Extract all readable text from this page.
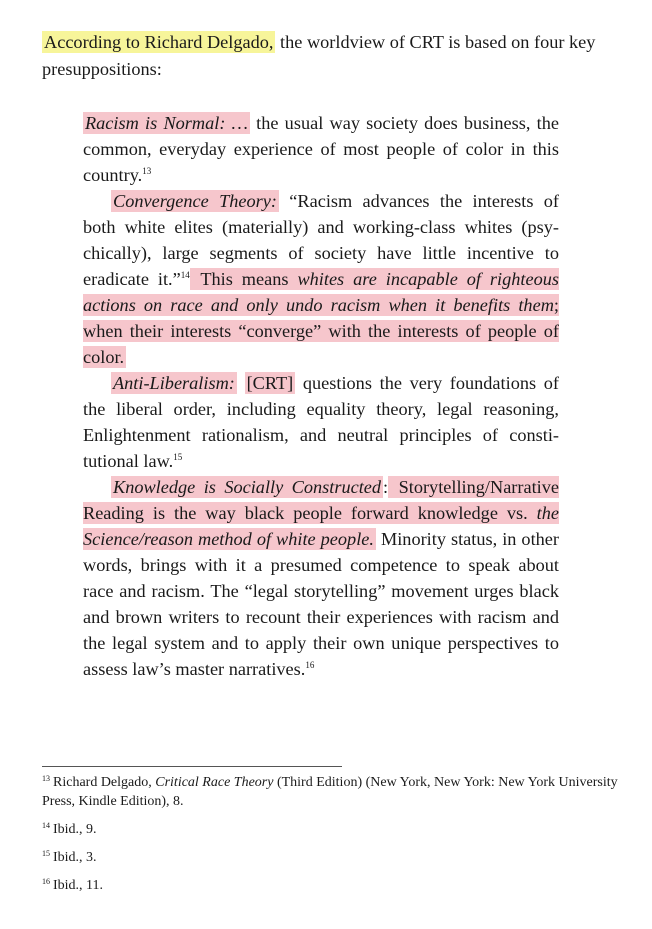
According to Richard Delgado, the worldview of CRT is based on four key presuppositions:

Racism is Normal: … the usual way society does business, the common, everyday experience of most people of color in this country.$^{13}$

Convergence Theory: “Racism advances the interests of both white elites (materially) and working-class whites (psychically), large segments of society have little incentive to eradicate it.”$^{14}$ This means whites are incapable of righteous actions on race and only undo racism when it benefits them; when their interests “converge” with the interests of people of color.

Anti-Liberalism: [CRT] questions the very foundations of the liberal order, including equality theory, legal reasoning, Enlightenment rationalism, and neutral principles of constitutional law.$^{15}$

Knowledge is Socially Constructed : Storytelling/Narrative Reading is the way black people forward knowledge vs. the Science/reason method of white people. Minority status, in other words, brings with it a presumed competence to speak about race and racism. The “legal storytelling” movement urges black and brown writers to recount their experiences with racism and the legal system and to apply their own unique perspectives to assess law’s master narratives.$^{16}$

$^{13}$ Richard Delgado, Critical Race Theory (Third Edition) (New York, New York: New York University Press, Kindle Edition), 8.

$^{14}$ Ibid., 9.

$^{15}$ Ibid., 3.

$^{16}$ Ibid., 11.
